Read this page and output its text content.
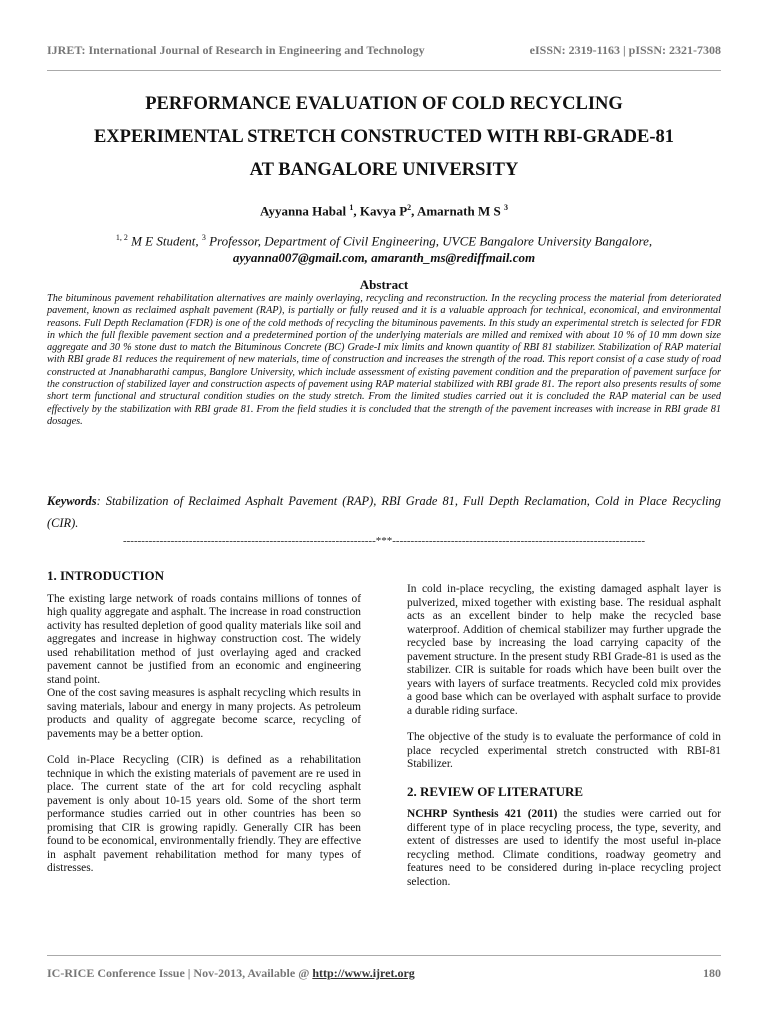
IJRET: International Journal of Research in Engineering and Technology	eISSN: 2319-1163 | pISSN: 2321-7308
PERFORMANCE EVALUATION OF COLD RECYCLING
EXPERIMENTAL STRETCH CONSTRUCTED WITH RBI-GRADE-81
AT BANGALORE UNIVERSITY
Ayyanna Habal $^1$, Kavya $P^2$, Amarnath M S $^3$
$^{1, 2}$ M E Student, $^3$ Professor, Department of Civil Engineering, UVCE Bangalore University Bangalore,
ayyanna007@gmail.com, amaranth_ms@rediffmail.com
Abstract
The bituminous pavement rehabilitation alternatives are mainly overlaying, recycling and reconstruction. In the recycling process the material from deteriorated pavement, known as reclaimed asphalt pavement (RAP), is partially or fully reused and it is a valuable approach for technical, economical, and environmental reasons. Full Depth Reclamation (FDR) is one of the cold methods of recycling the bituminous pavements. In this study an experimental stretch is selected for FDR in which the full flexible pavement section and a predetermined portion of the underlying materials are milled and remixed with about 10 % of 10 mm down size aggregate and 30 % stone dust to match the Bituminous Concrete (BC) Grade-I mix limits and known quantity of RBI 81 stabilizer. Stabilization of RAP material with RBI grade 81 reduces the requirement of new materials, time of construction and increases the strength of the road. This report consist of a case study of road constructed at Jnanabharathi campus, Banglore University, which include assessment of existing pavement condition and the preparation of pavement surface for the construction of stabilized layer and construction aspects of pavement using RAP material stabilized with RBI grade 81. The report also presents results of some short term functional and structural condition studies on the study stretch. From the limited studies carried out it is concluded the RAP material can be used effectively by the stabilization with RBI grade 81. From the field studies it is concluded that the strength of the pavement increases with increase in RBI grade 81 dosages.
Keywords: Stabilization of Reclaimed Asphalt Pavement (RAP), RBI Grade 81, Full Depth Reclamation, Cold in Place Recycling (CIR).
---------------------------------------------------------------------***---------------------------------------------------------------------
1. INTRODUCTION

The existing large network of roads contains millions of tonnes of high quality aggregate and asphalt. The increase in road construction activity has resulted depletion of good quality materials like soil and aggregates and increase in highway construction cost. The widely used rehabilitation method of just overlaying aged and cracked pavement cannot be justified from an economic and engineering stand point.

One of the cost saving measures is asphalt recycling which results in saving materials, labour and energy in many projects. As petroleum products and quality of aggregate become scarce, recycling of pavements may be a better option.

Cold in-Place Recycling (CIR) is defined as a rehabilitation technique in which the existing materials of pavement are re used in place. The current state of the art for cold recycling asphalt pavement is only about 10-15 years old. Some of the short term performance studies carried out in other countries has been so promising that CIR is growing rapidly. Generally CIR has been found to be economical, environmentally friendly. They are effective in asphalt pavement rehabilitation method for many types of distresses.

In cold in-place recycling, the existing damaged asphalt layer is pulverized, mixed together with existing base. The residual asphalt acts as an excellent binder to help make the recycled base waterproof. Addition of chemical stabilizer may further upgrade the recycled base by increasing the load carrying capacity of the pavement structure. In the present study RBI Grade-81 is used as the stabilizer. CIR is suitable for roads which have been built over the years with layers of surface treatments. Recycled cold mix provides a good base which can be overlayed with asphalt surface to provide a durable riding surface.

The objective of the study is to evaluate the performance of cold in place recycled experimental stretch constructed with RBI-81 Stabilizer.

2. REVIEW OF LITERATURE

NCHRP Synthesis 421 (2011) the studies were carried out for different type of in place recycling process, the type, severity, and extent of distresses are used to identify the most useful in-place recycling method. Climate conditions, roadway geometry and features need to be considered during in-place recycling project selection.

IC-RICE Conference Issue | Nov-2013, Available @ http://www.ijret.org	180
